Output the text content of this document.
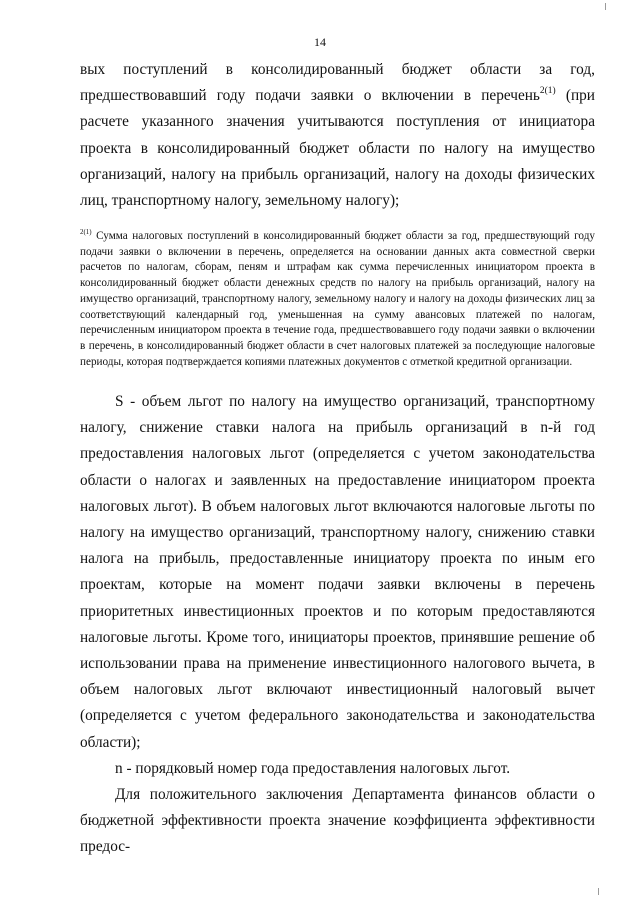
14

вых поступлений в консолидированный бюджет области за год, предшествовавший году подачи заявки о включении в перечень$^{2(1)}$ (при расчете указанного значения учитываются поступления от инициатора проекта в консолидированный бюджет области по налогу на имущество организаций, налогу на прибыль организаций, налогу на доходы физических лиц, транспортному налогу, земельному налогу);

$^{2(1)}$ Сумма налоговых поступлений в консолидированный бюджет области за год, предшествующий году подачи заявки о включении в перечень, определяется на основании данных акта совместной сверки расчетов по налогам, сборам, пеням и штрафам как сумма перечисленных инициатором проекта в консолидированный бюджет области денежных средств по налогу на прибыль организаций, налогу на имущество организаций, транспортному налогу, земельному налогу и налогу на доходы физических лиц за соответствующий календарный год, уменьшенная на сумму авансовых платежей по налогам, перечисленным инициатором проекта в течение года, предшествовавшего году подачи заявки о включении в перечень, в консолидированный бюджет области в счет налоговых платежей за последующие налоговые периоды, которая подтверждается копиями платежных документов с отметкой кредитной организации.

S - объем льгот по налогу на имущество организаций, транспортному налогу, снижение ставки налога на прибыль организаций в n-й год предоставления налоговых льгот (определяется с учетом законодательства области о налогах и заявленных на предоставление инициатором проекта налоговых льгот). В объем налоговых льгот включаются налоговые льготы по налогу на имущество организаций, транспортному налогу, снижению ставки налога на прибыль, предоставленные инициатору проекта по иным его проектам, которые на момент подачи заявки включены в перечень приоритетных инвестиционных проектов и по которым предоставляются налоговые льготы. Кроме того, инициаторы проектов, принявшие решение об использовании права на применение инвестиционного налогового вычета, в объем налоговых льгот включают инвестиционный налоговый вычет (определяется с учетом федерального законодательства и законодательства области);

n - порядковый номер года предоставления налоговых льгот.

Для положительного заключения Департамента финансов области о бюджетной эффективности проекта значение коэффициента эффективности предос-
